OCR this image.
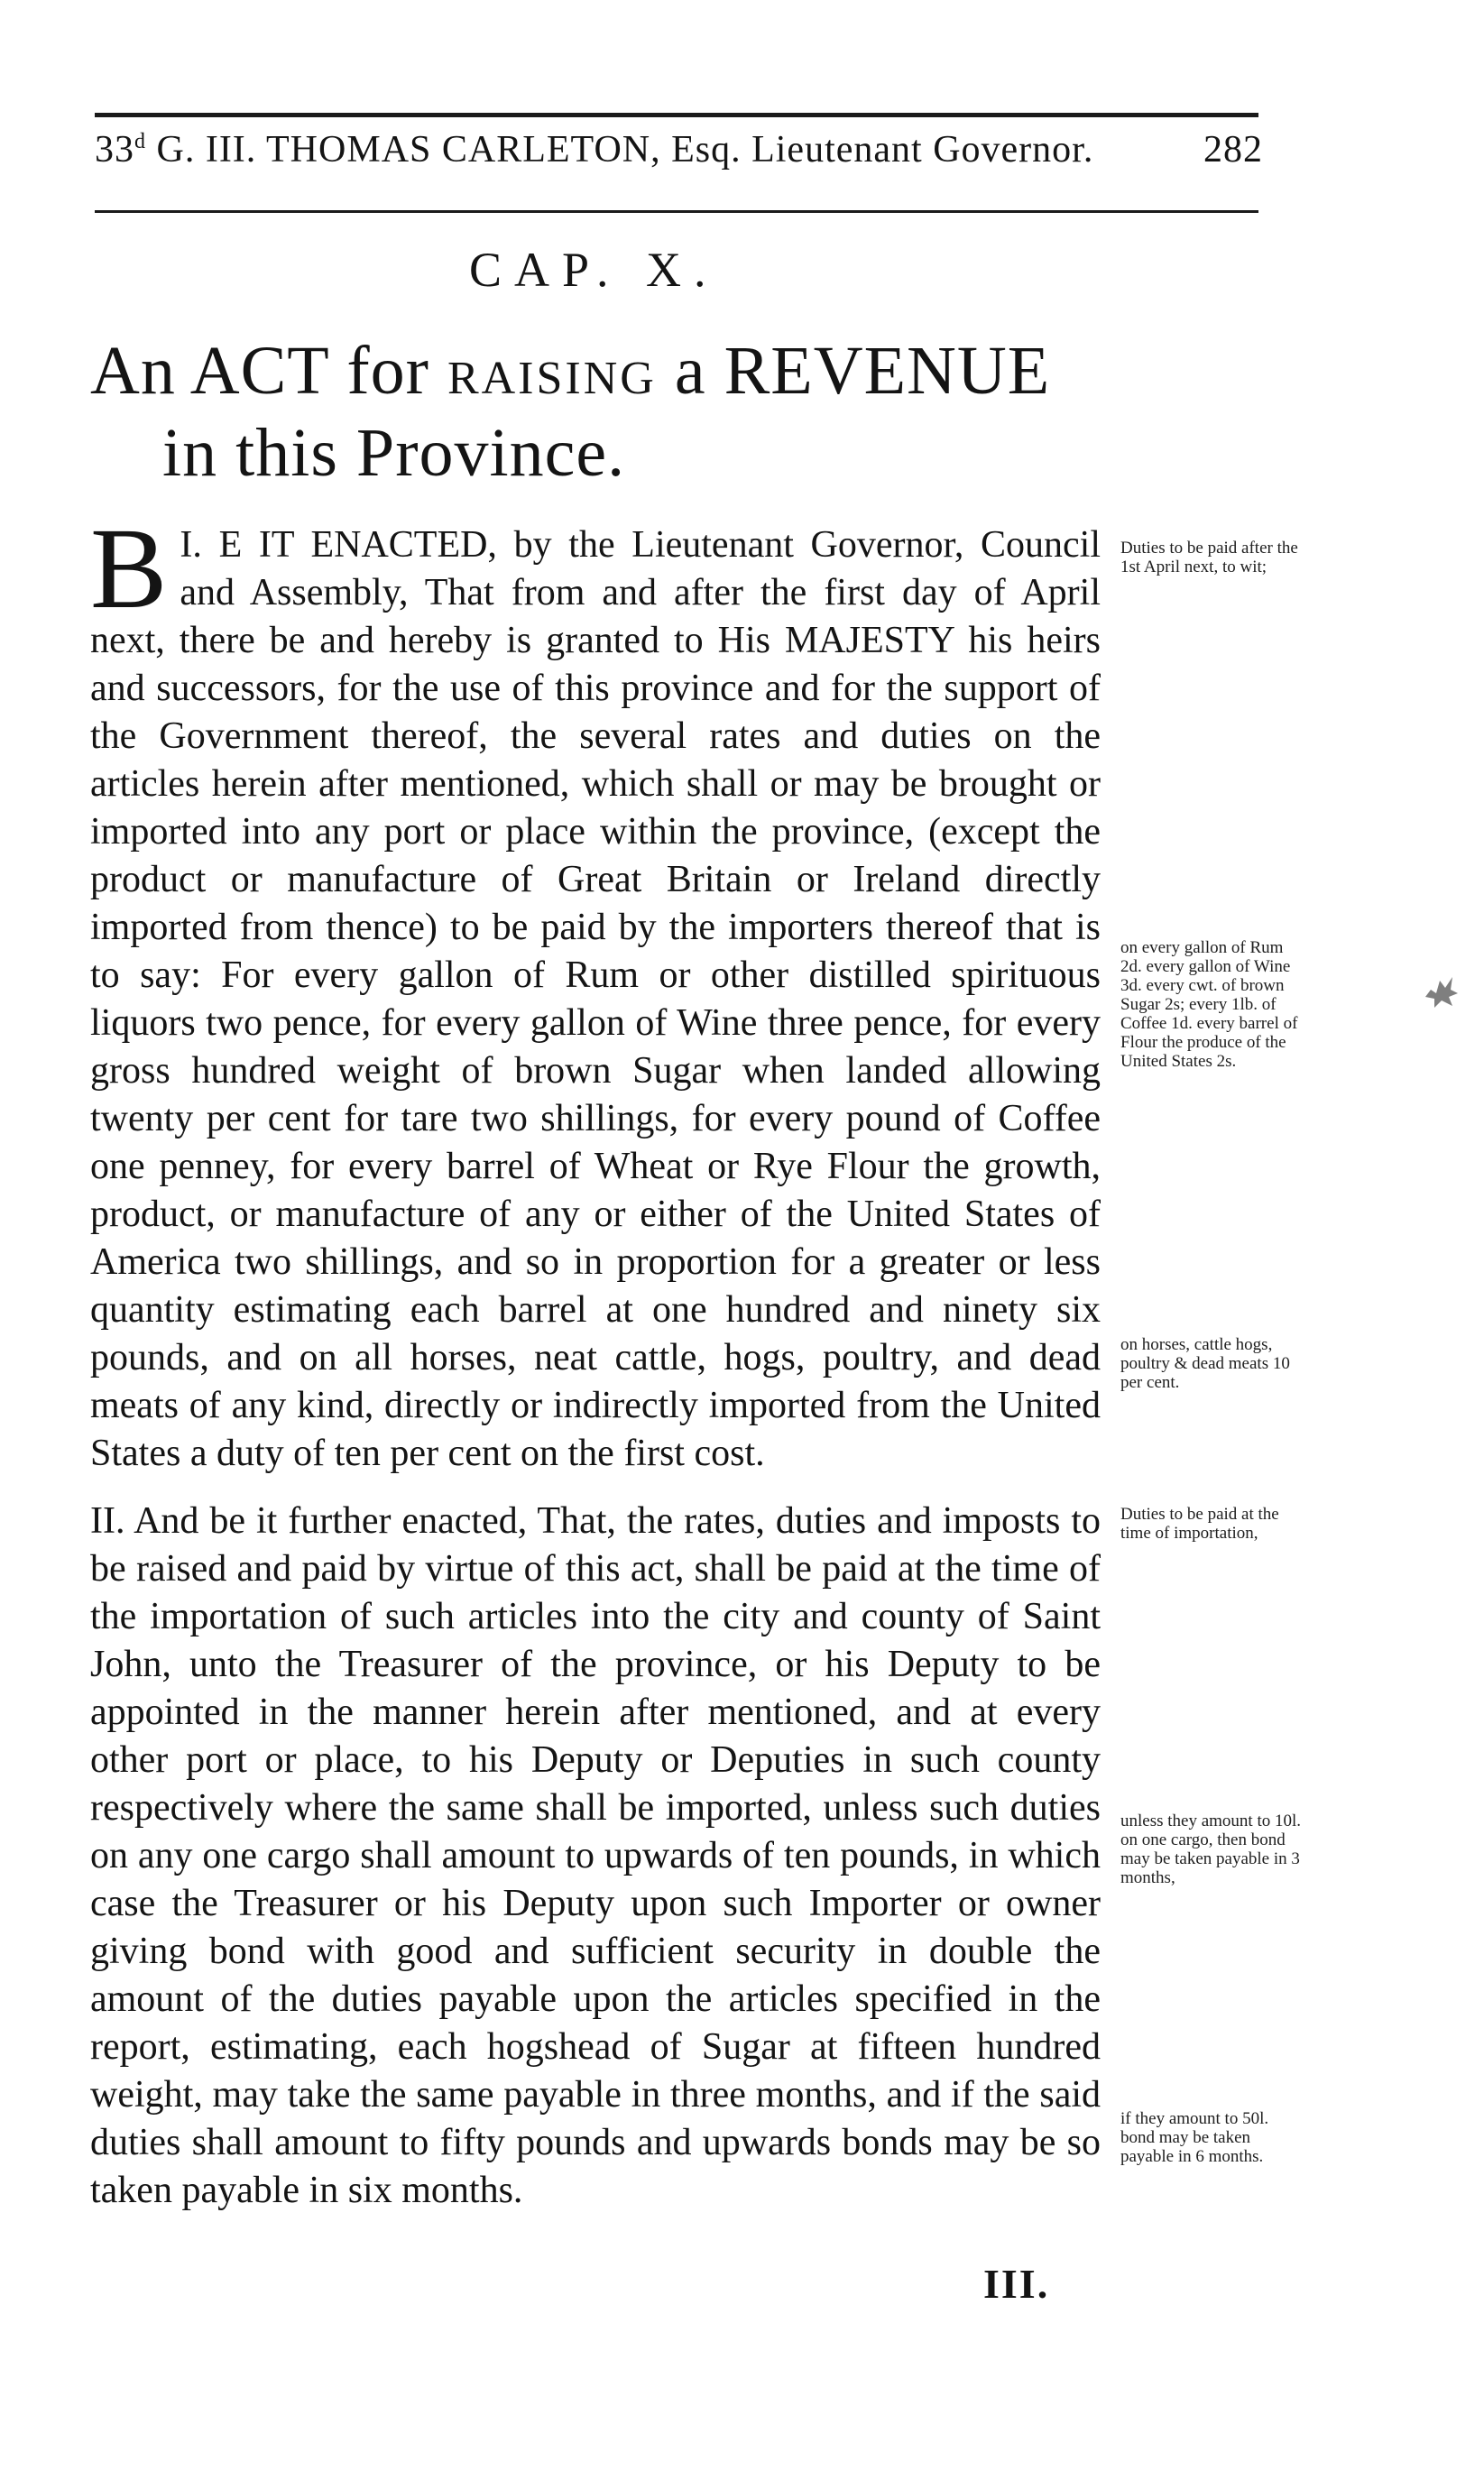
33$^d$ G. III. THOMAS CARLETON, Esq. Lieutenant Governor.	282
CAP. X.
An ACT for RAISING a REVENUE
in this Province.
I.
B E IT ENACTED, by the Lieutenant Governor, Council and Assembly, That from and after the first day of April next, there be and hereby is granted to His MAJESTY his heirs and successors, for the use of this province and for the support of the Government thereof, the several rates and duties on the articles herein after mentioned, which shall or may be brought or imported into any port or place within the province, (except the product or manufacture of Great Britain or Ireland directly imported from thence) to be paid by the importers thereof that is to say: For every gallon of Rum or other distilled spirituous liquors two pence, for every gallon of Wine three pence, for every gross hundred weight of brown Sugar when landed allowing twenty per cent for tare two shillings, for every pound of Coffee one penney, for every barrel of Wheat or Rye Flour the growth, product, or manufacture of any or either of the United States of America two shillings, and so in proportion for a greater or less quantity estimating each barrel at one hundred and ninety six pounds, and on all horses, neat cattle, hogs, poultry, and dead meats of any kind, directly or indirectly imported from the United States a duty of ten per cent on the first cost.
II. And be it further enacted, That, the rates, duties and imposts to be raised and paid by virtue of this act, shall be paid at the time of the importation of such articles into the city and county of Saint John, unto the Treasurer of the province, or his Deputy to be appointed in the manner herein after mentioned, and at every other port or place, to his Deputy or Deputies in such county respectively where the same shall be imported, unless such duties on any one cargo shall amount to upwards of ten pounds, in which case the Treasurer or his Deputy upon such Importer or owner giving bond with good and sufficient security in double the amount of the duties payable upon the articles specified in the report, estimating, each hogshead of Sugar at fifteen hundred weight, may take the same payable in three months, and if the said duties shall amount to fifty pounds and upwards bonds may be so taken payable in six months.
Duties to be paid after the 1st April next, to wit;
on every gallon of Rum 2d. every gallon of Wine 3d. every cwt. of brown Sugar 2s; every 1lb. of Coffee 1d. every barrel of Flour the produce of the United States 2s.
on horses, cattle hogs, poultry & dead meats 10 per cent.
Duties to be paid at the time of importation,
unless they amount to 10l. on one cargo, then bond may be taken payable in 3 months,
if they amount to 50l. bond may be taken payable in 6 months.
III.
